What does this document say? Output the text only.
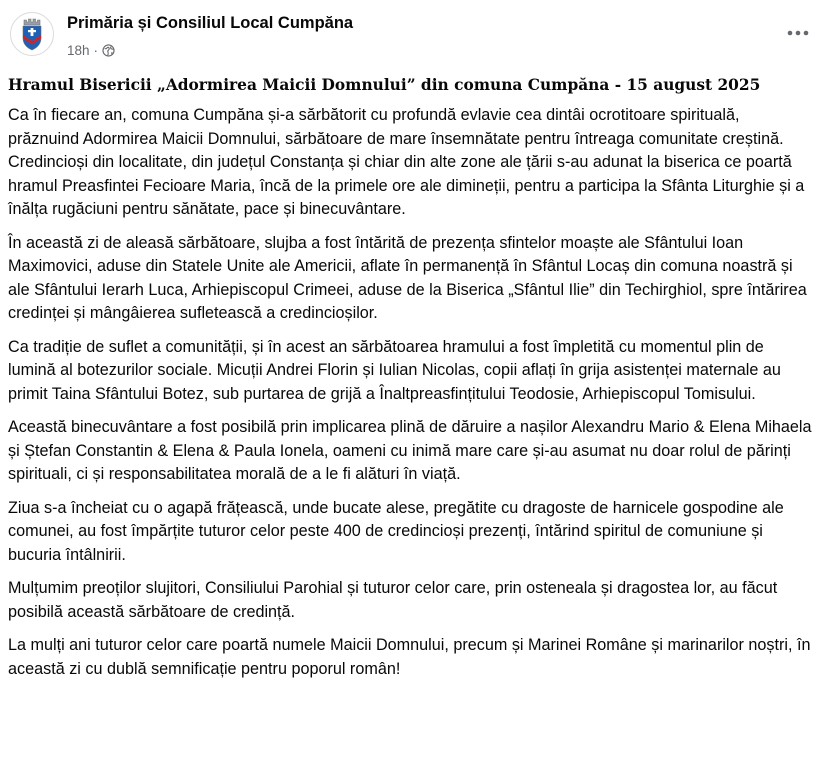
Primăria și Consiliul Local Cumpăna
18h ·
Hramul Bisericii „Adormirea Maicii Domnului” din comuna Cumpăna - 15 august 2025

Ca în fiecare an, comuna Cumpăna și-a sărbătorit cu profundă evlavie cea dintâi ocrotitoare spirituală, prăznuind Adormirea Maicii Domnului, sărbătoare de mare însemnătate pentru întreaga comunitate creștină. Credincioși din localitate, din județul Constanța și chiar din alte zone ale țării s-au adunat la biserica ce poartă hramul Preasfintei Fecioare Maria, încă de la primele ore ale dimineții, pentru a participa la Sfânta Liturghie și a înălța rugăciuni pentru sănătate, pace și binecuvântare.

În această zi de aleasă sărbătoare, slujba a fost întărită de prezența sfintelor moaște ale Sfântului Ioan Maximovici, aduse din Statele Unite ale Americii, aflate în permanență în Sfântul Locaș din comuna noastră și ale Sfântului Ierarh Luca, Arhiepiscopul Crimeei, aduse de la Biserica „Sfântul Ilie” din Techirghiol, spre întărirea credinței și mângâierea sufletească a credincioșilor.

Ca tradiție de suflet a comunității, și în acest an sărbătoarea hramului a fost împletită cu momentul plin de lumină al botezurilor sociale. Micuții Andrei Florin și Iulian Nicolas, copii aflați în grija asistenței maternale au primit Taina Sfântului Botez, sub purtarea de grijă a Înaltpreasfințitului Teodosie, Arhiepiscopul Tomisului.

Această binecuvântare a fost posibilă prin implicarea plină de dăruire a nașilor Alexandru Mario & Elena Mihaela și Ștefan Constantin & Elena & Paula Ionela, oameni cu inimă mare care și-au asumat nu doar rolul de părinți spirituali, ci și responsabilitatea morală de a le fi alături în viață.

Ziua s-a încheiat cu o agapă frățească, unde bucate alese, pregătite cu dragoste de harnicele gospodine ale comunei, au fost împărțite tuturor celor peste 400 de credincioși prezenți, întărind spiritul de comuniune și bucuria întâlnirii.

Mulțumim preoților slujitori, Consiliului Parohial și tuturor celor care, prin osteneala și dragostea lor, au făcut posibilă această sărbătoare de credință.

La mulți ani tuturor celor care poartă numele Maicii Domnului, precum și Marinei Române și marinarilor noștri, în această zi cu dublă semnificație pentru poporul român!
